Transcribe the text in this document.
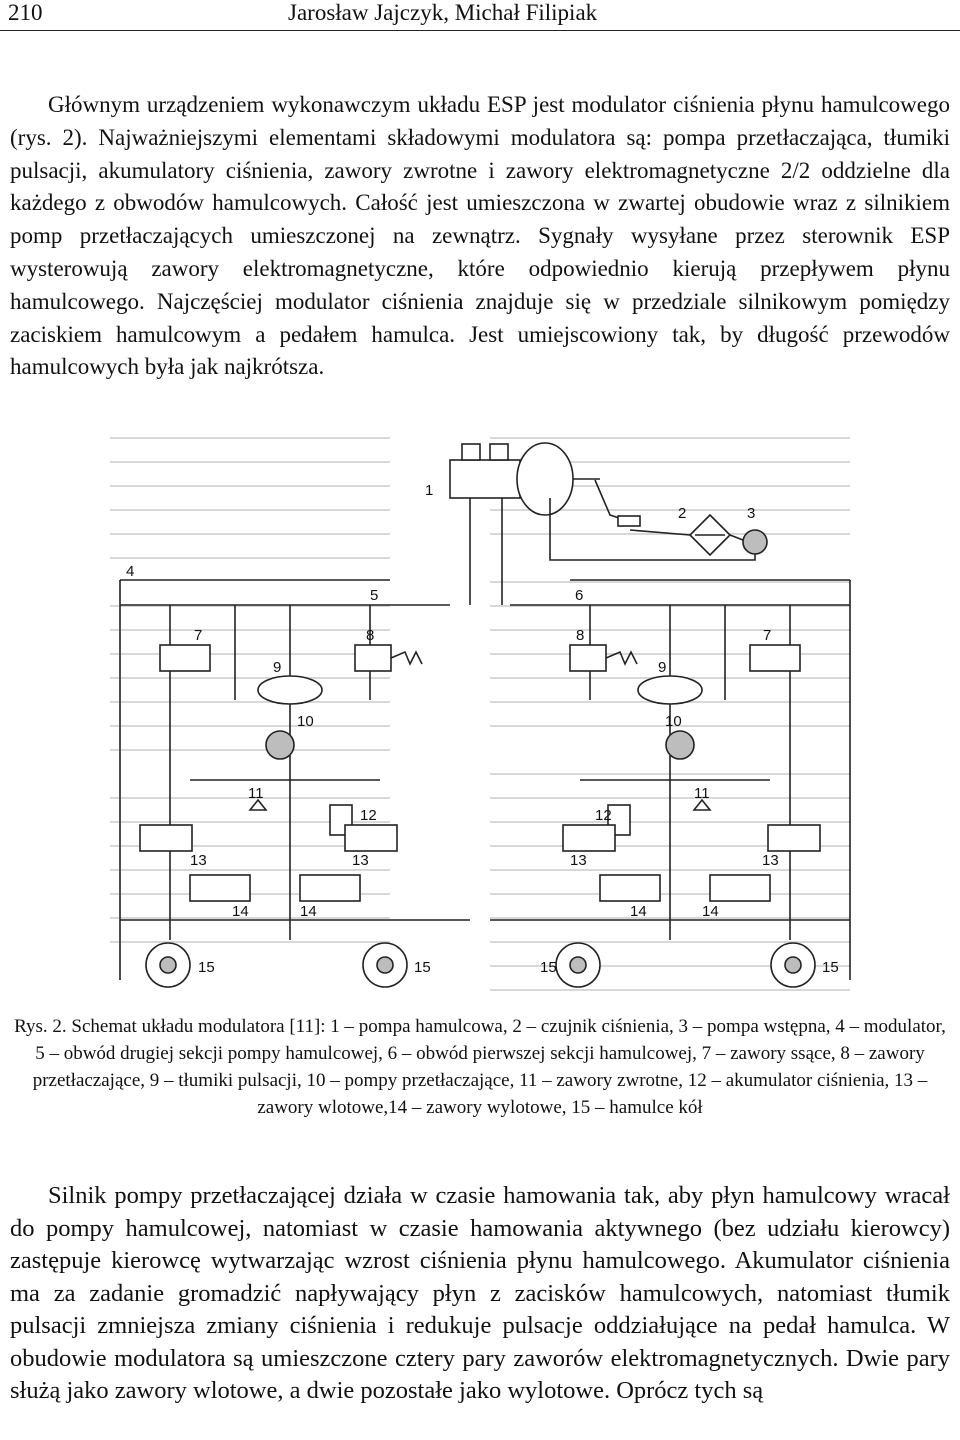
210	Jarosław Jajczyk, Michał Filipiak

Głównym urządzeniem wykonawczym układu ESP jest modulator ciśnienia płynu hamulcowego (rys. 2). Najważniejszymi elementami składowymi modulatora są: pompa przetłaczająca, tłumiki pulsacji, akumulatory ciśnienia, zawory zwrotne i zawory elektromagnetyczne 2/2 oddzielne dla każdego z obwodów hamulcowych. Całość jest umieszczona w zwartej obudowie wraz z silnikiem pomp przetłaczających umieszczonej na zewnątrz. Sygnały wysyłane przez sterownik ESP wysterowują zawory elektromagnetyczne, które odpowiednio kierują przepływem płynu hamulcowego. Najczęściej modulator ciśnienia znajduje się w przedziale silnikowym pomiędzy zaciskiem hamulcowym a pedałem hamulca. Jest umiejscowiony tak, by długość przewodów hamulcowych była jak najkrótsza.

1
2	3
4
5	6
7	7
8	8
9	9
10	10
11	11
12	12
13	13	13	13
14	14	14	14
15	15	15	15

Rys. 2. Schemat układu modulatora [11]: 1 – pompa hamulcowa, 2 – czujnik ciśnienia, 3 – pompa wstępna, 4 – modulator, 5 – obwód drugiej sekcji pompy hamulcowej, 6 – obwód pierwszej sekcji hamulcowej, 7 – zawory ssące, 8 – zawory przetłaczające, 9 – tłumiki pulsacji, 10 – pompy przetłaczające, 11 – zawory zwrotne, 12 – akumulator ciśnienia, 13 – zawory wlotowe,14 – zawory wylotowe, 15 – hamulce kół

Silnik pompy przetłaczającej działa w czasie hamowania tak, aby płyn hamulcowy wracał do pompy hamulcowej, natomiast w czasie hamowania aktywnego (bez udziału kierowcy) zastępuje kierowcę wytwarzając wzrost ciśnienia płynu hamulcowego. Akumulator ciśnienia ma za zadanie gromadzić napływający płyn z zacisków hamulcowych, natomiast tłumik pulsacji zmniejsza zmiany ciśnienia i redukuje pulsacje oddziałujące na pedał hamulca. W obudowie modulatora są umieszczone cztery pary zaworów elektromagnetycznych. Dwie pary służą jako zawory wlotowe, a dwie pozostałe jako wylotowe. Oprócz tych są
